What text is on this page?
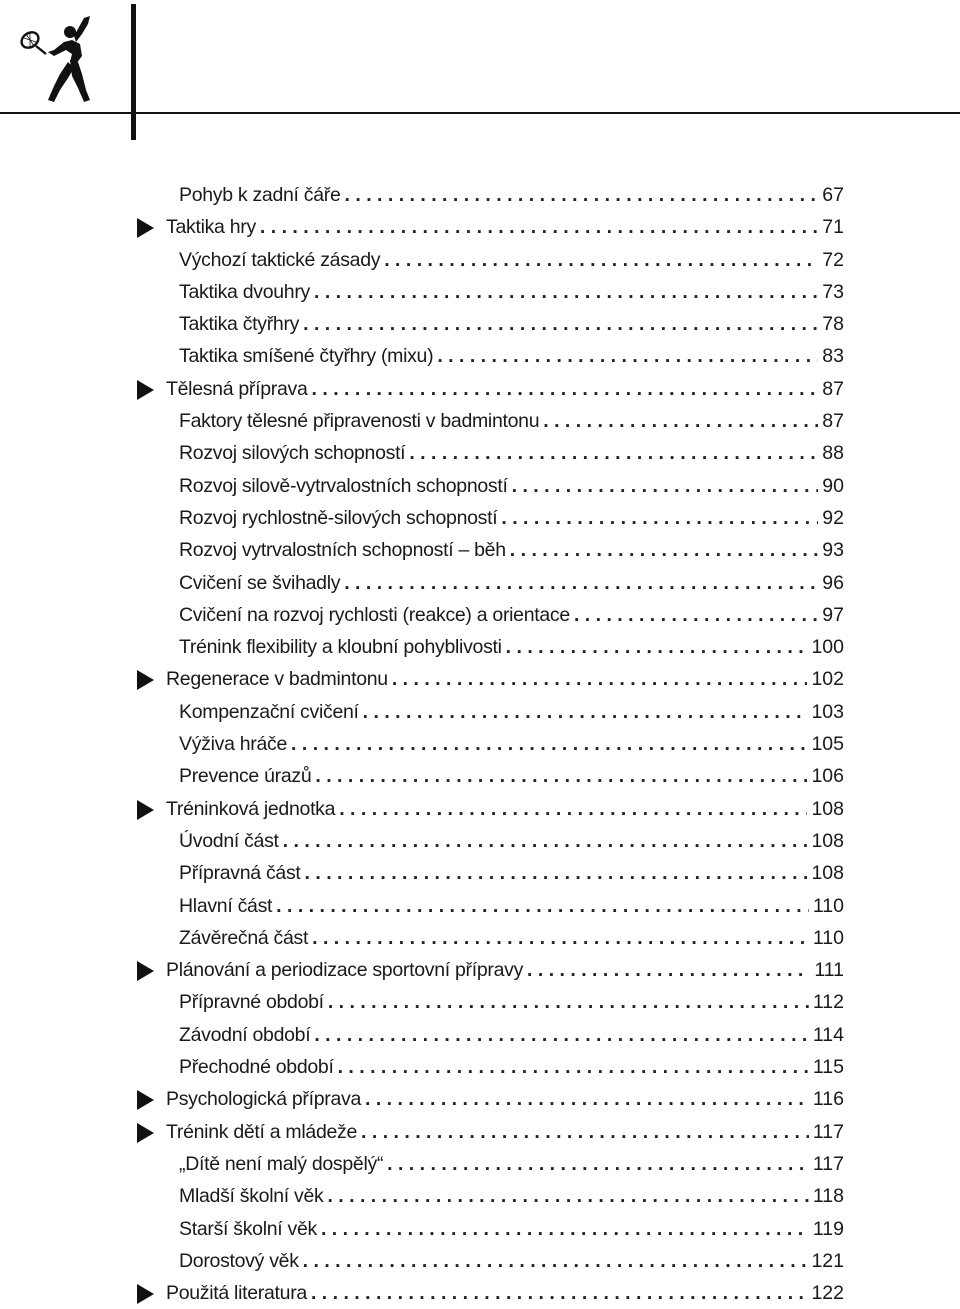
Pohyb k zadní čáře . . .	67
Taktika hry . . .	71
Výchozí taktické zásady . . .	72
Taktika dvouhry . . .	73
Taktika čtyřhry . . .	78
Taktika smíšené čtyřhry (mixu) . . .	83
Tělesná příprava . . .	87
Faktory tělesné připravenosti v badmintonu . . .	87
Rozvoj silových schopností . . .	88
Rozvoj silově-vytrvalostních schopností . . .	90
Rozvoj rychlostně-silových schopností . . .	92
Rozvoj vytrvalostních schopností – běh . . .	93
Cvičení se švihadly . . .	96
Cvičení na rozvoj rychlosti (reakce) a orientace . . .	97
Trénink flexibility a kloubní pohyblivosti . . .	100
Regenerace v badmintonu . . .	102
Kompenzační cvičení . . .	103
Výživa hráče . . .	105
Prevence úrazů . . .	106
Tréninková jednotka . . .	108
Úvodní část . . .	108
Přípravná část . . .	108
Hlavní část . . .	110
Závěrečná část . . .	110
Plánování a periodizace sportovní přípravy . . .	111
Přípravné období . . .	112
Závodní období . . .	114
Přechodné období . . .	115
Psychologická příprava . . .	116
Trénink dětí a mládeže . . .	117
„Dítě není malý dospělý“ . . .	117
Mladší školní věk . . .	118
Starší školní věk . . .	119
Dorostový věk . . .	121
Použitá literatura . . .	122
